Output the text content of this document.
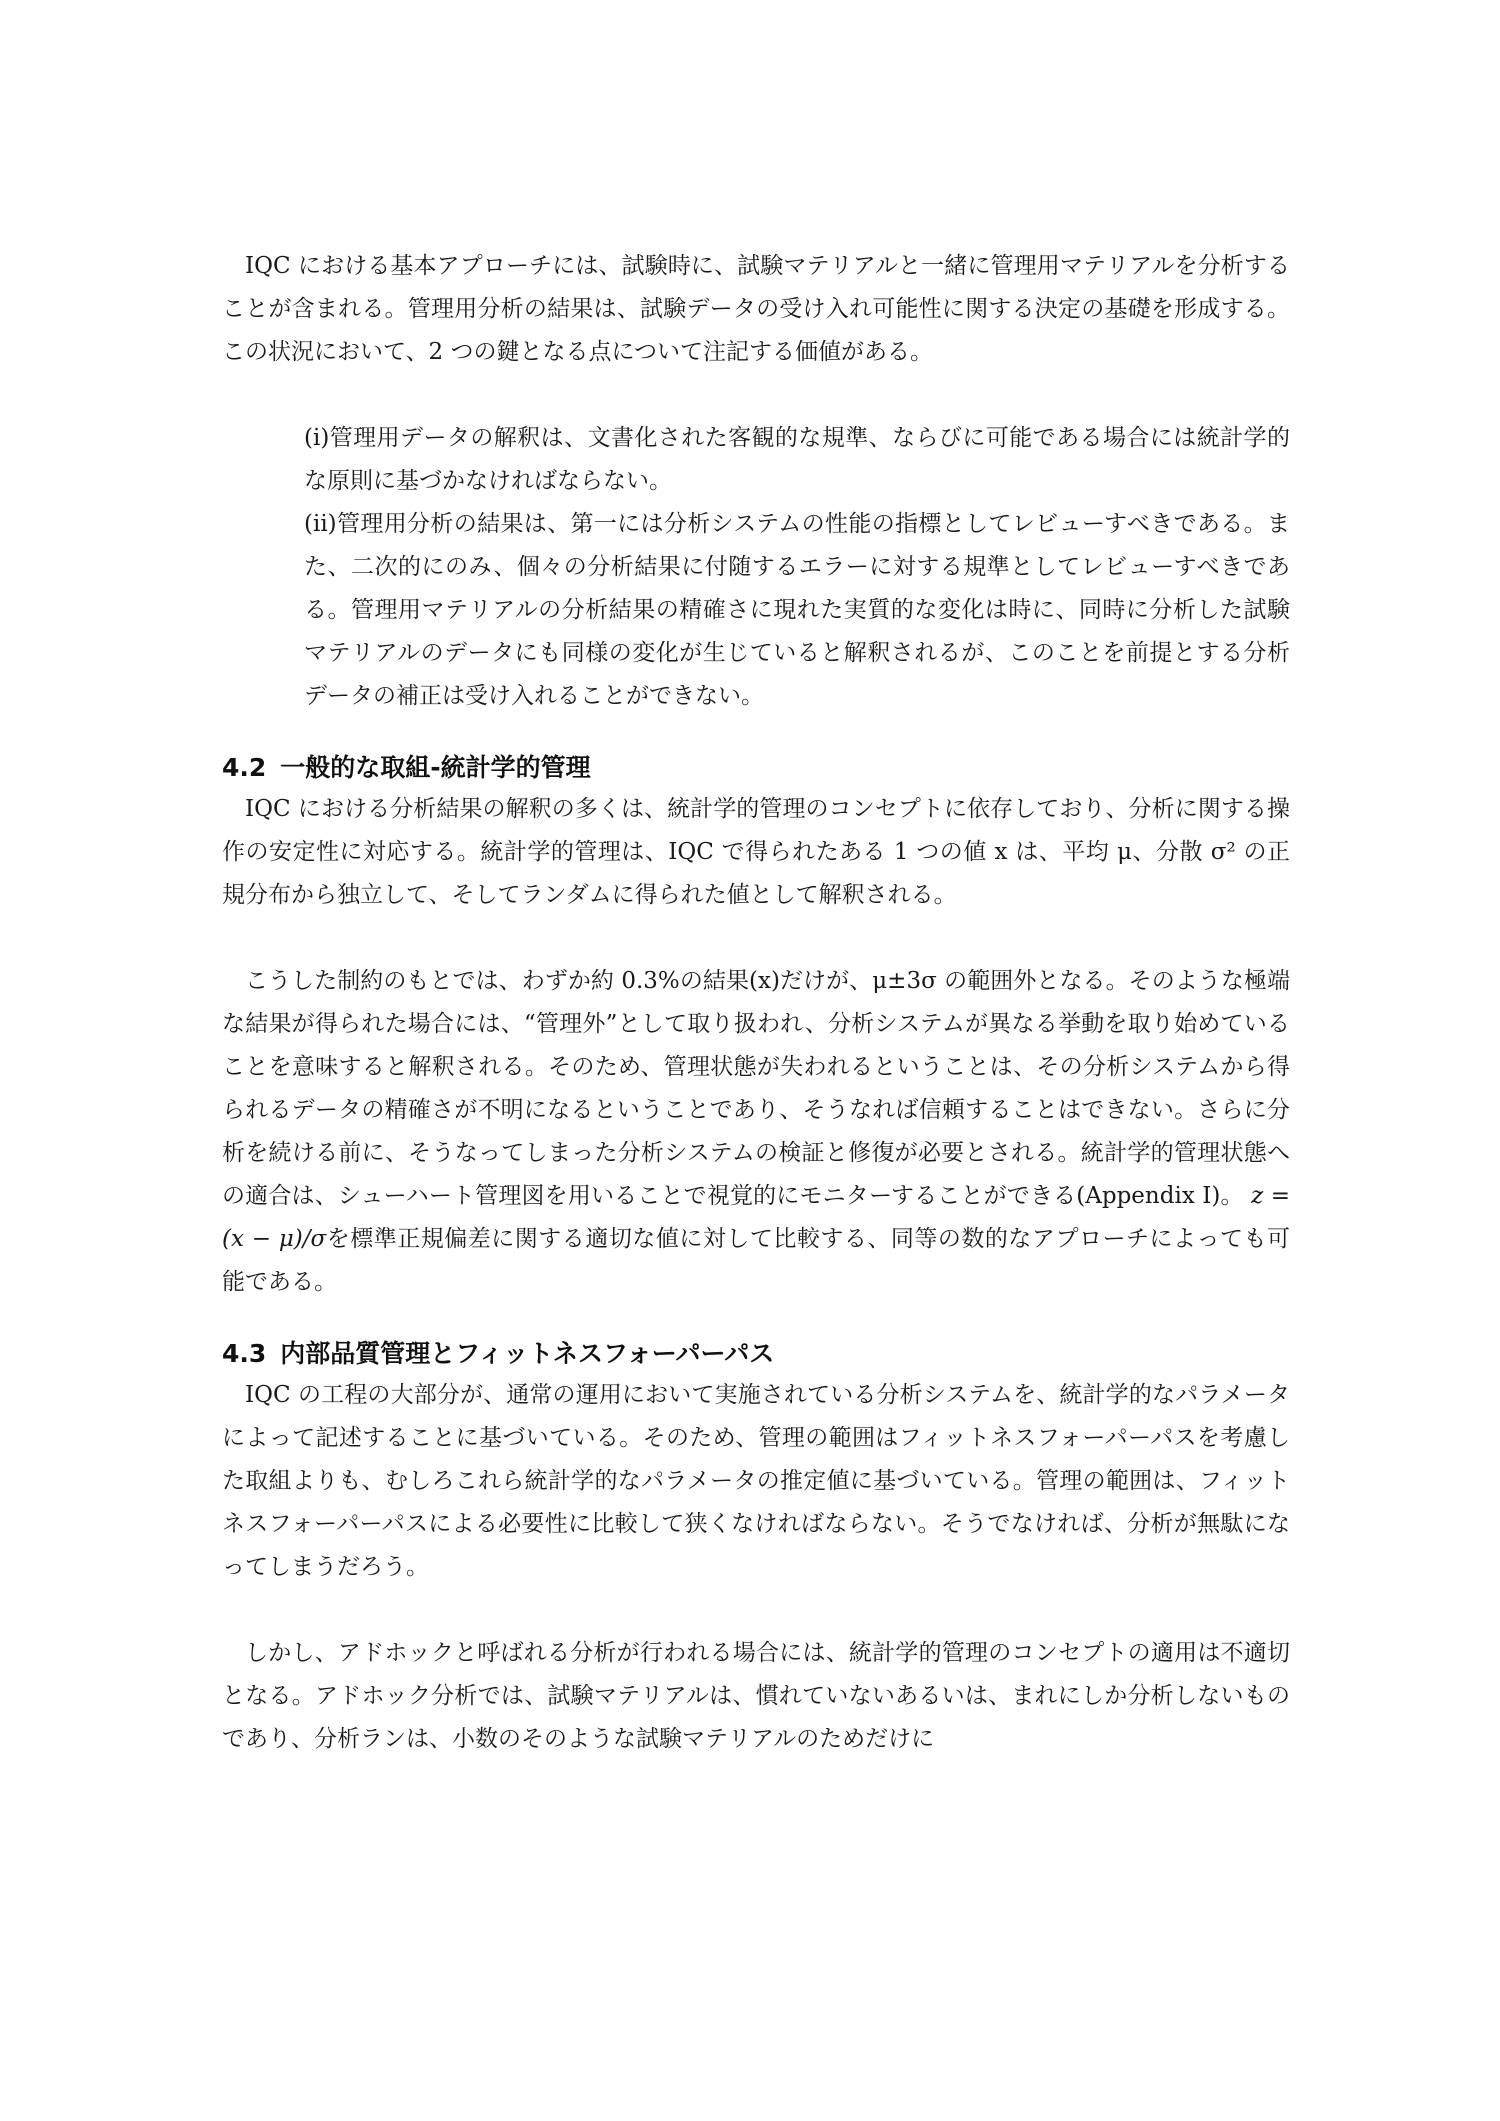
IQC における基本アプローチには、試験時に、試験マテリアルと一緒に管理用マテリアルを分析することが含まれる。管理用分析の結果は、試験データの受け入れ可能性に関する決定の基礎を形成する。この状況において、2 つの鍵となる点について注記する価値がある。

(i)管理用データの解釈は、文書化された客観的な規準、ならびに可能である場合には統計学的な原則に基づかなければならない。

(ii)管理用分析の結果は、第一には分析システムの性能の指標としてレビューすべきである。また、二次的にのみ、個々の分析結果に付随するエラーに対する規準としてレビューすべきである。管理用マテリアルの分析結果の精確さに現れた実質的な変化は時に、同時に分析した試験マテリアルのデータにも同様の変化が生じていると解釈されるが、このことを前提とする分析データの補正は受け入れることができない。

4.2 一般的な取組-統計学的管理

IQC における分析結果の解釈の多くは、統計学的管理のコンセプトに依存しており、分析に関する操作の安定性に対応する。統計学的管理は、IQC で得られたある 1 つの値 x は、平均 μ、分散 σ² の正規分布から独立して、そしてランダムに得られた値として解釈される。

こうした制約のもとでは、わずか約 0.3%の結果(x)だけが、μ±3σ の範囲外となる。そのような極端な結果が得られた場合には、“管理外”として取り扱われ、分析システムが異なる挙動を取り始めていることを意味すると解釈される。そのため、管理状態が失われるということは、その分析システムから得られるデータの精確さが不明になるということであり、そうなれば信頼することはできない。さらに分析を続ける前に、そうなってしまった分析システムの検証と修復が必要とされる。統計学的管理状態への適合は、シューハート管理図を用いることで視覚的にモニターすることができる(Appendix I)。 z = (x − μ)/σを標準正規偏差に関する適切な値に対して比較する、同等の数的なアプローチによっても可能である。

4.3 内部品質管理とフィットネスフォーパーパス

IQC の工程の大部分が、通常の運用において実施されている分析システムを、統計学的なパラメータによって記述することに基づいている。そのため、管理の範囲はフィットネスフォーパーパスを考慮した取組よりも、むしろこれら統計学的なパラメータの推定値に基づいている。管理の範囲は、フィットネスフォーパーパスによる必要性に比較して狭くなければならない。そうでなければ、分析が無駄になってしまうだろう。

しかし、アドホックと呼ばれる分析が行われる場合には、統計学的管理のコンセプトの適用は不適切となる。アドホック分析では、試験マテリアルは、慣れていないあるいは、まれにしか分析しないものであり、分析ランは、小数のそのような試験マテリアルのためだけに
